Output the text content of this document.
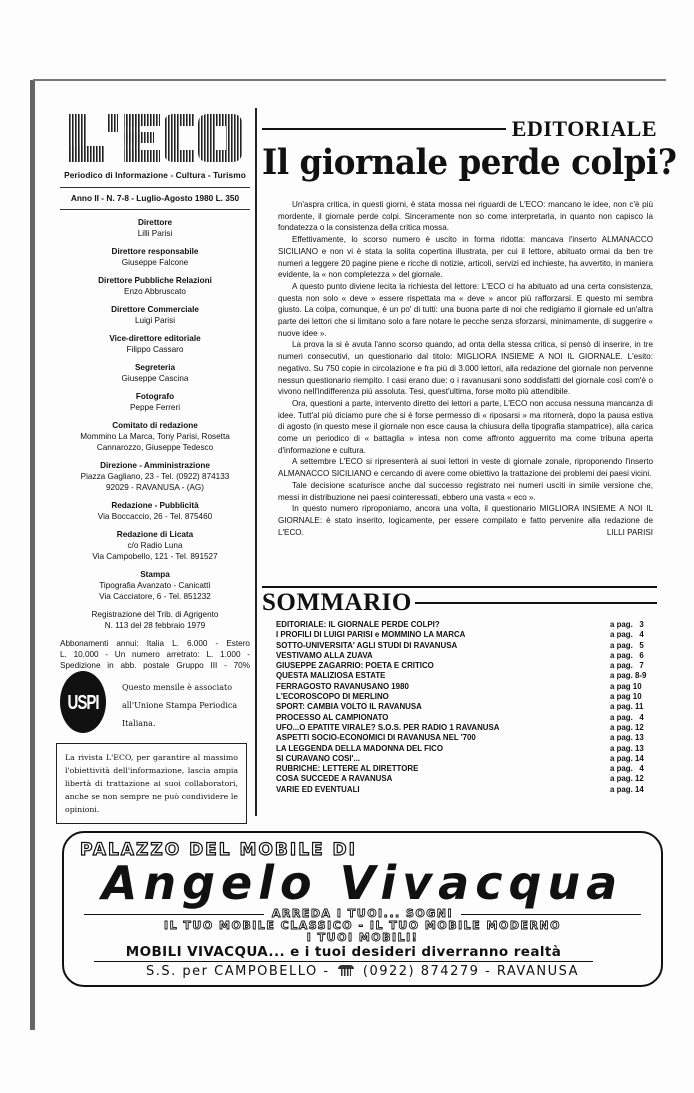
Periodico di Informazione - Cultura - Turismo
Anno II - N. 7-8 - Luglio-Agosto 1980 L. 350
Direttore
Lilli Parisi
Direttore responsabile
Giuseppe Falcone
Direttore Pubbliche Relazioni
Enzo Abbruscato
Direttore Commerciale
Luigi Parisi
Vice-direttore editoriale
Filippo Cassaro
Segreteria
Giuseppe Cascina
Fotografo
Peppe Ferreri
Comitato di redazione
Mommino La Marca, Tony Parisi, Rosetta
Cannarozzo, Giuseppe Tedesco
Direzione - Amministrazione
Piazza Gagliano, 23 - Tel. (0922) 874133
92029 - RAVANUSA - (AG)
Redazione - Pubblicità
Via Boccaccio, 26 - Tel. 875460
Redazione di Licata
c/o Radio Luna
Via Campobello, 121 - Tel. 891527
Stampa
Tipografia Avanzato - Canicattì
Via Cacciatore, 6 - Tel. 851232
Registrazione del Trib. di Agrigento
N. 113 del 28 febbraio 1979
Abbonamenti annui: Italia L. 6.000 - Estero
L. 10.000 - Un numero arretrato: L. 1.000 -
Spedizione in abb. postale Gruppo III - 70%
USPI
Questo mensile è associato all'Unione Stampa Periodica Italiana.
La rivista L'ECO, per garantire al massimo l'obiettività dell'informazione, lascia ampia libertà di trattazione ai suoi collaboratori, anche se non sempre ne può condividere le opinioni.
EDITORIALE
Il giornale perde colpi?

Un'aspra critica, in questi giorni, è stata mossa nei riguardi de L'ECO: mancano le idee, non c'è più mordente, il giornale perde colpi. Sinceramente non so come interpretarla, in quanto non capisco la fondatezza o la consistenza della critica mossa.

Effettivamente, lo scorso numero è uscito in forma ridotta: mancava l'inserto ALMANACCO SICILIANO e non vi è stata la solita copertina illustrata, per cui il lettore, abituato ormai da ben tre numeri a leggere 20 pagine piene e ricche di notizie, articoli, servizi ed inchieste, ha avvertito, in maniera evidente, la « non completezza » del giornale.

A questo punto diviene lecita la richiesta del lettore: L'ECO ci ha abituato ad una certa consistenza, questa non solo « deve » essere rispettata ma « deve » ancor più rafforzarsi. E questo mi sembra giusto. La colpa, comunque, è un po' di tutti: una buona parte di noi che redigiamo il giornale ed un'altra parte dei lettori che si limitano solo a fare notare le pecche senza sforzarsi, minimamente, di suggerire « nuove idee ».

La prova la si è avuta l'anno scorso quando, ad onta della stessa critica, si pensò di inserire, in tre numeri consecutivi, un questionario dal titolo: MIGLIORA INSIEME A NOI IL GIORNALE. L'esito: negativo. Su 750 copie in circolazione e fra più di 3.000 lettori, alla redazione del giornale non pervenne nessun questionario riempito. I casi erano due: o i ravanusani sono soddisfatti del giornale così com'è o vivono nell'indifferenza più assoluta. Tesi, quest'ultima, forse molto più attendibile.

Ora, questioni a parte, intervento diretto dei lettori a parte, L'ECO non accusa nessuna mancanza di idee. Tutt'al più diciamo pure che si è forse permesso di « riposarsi » ma ritornerà, dopo la pausa estiva di agosto (in questo mese il giornale non esce causa la chiusura della tipografia stampatrice), alla carica come un periodico di « battaglia » intesa non come affronto agguerrito ma come tribuna aperta d'informazione e cultura.

A settembre L'ECO si ripresenterà ai suoi lettori in veste di giornale zonale, riproponendo l'inserto ALMANACCO SICILIANO e cercando di avere come obiettivo la trattazione dei problemi dei paesi vicini.

Tale decisione scaturisce anche dal successo registrato nei numeri usciti in simile versione che, messi in distribuzione nei paesi cointeressati, ebbero una vasta « eco ».

In questo numero riproponiamo, ancora una volta, il questionario MIGLIORA INSIEME A NOI IL GIORNALE: è stato inserito, logicamente, per essere compilato e fatto pervenire alla redazione de L'ECO.	LILLI PARISI
SOMMARIO
EDITORIALE: IL GIORNALE PERDE COLPI?	a pag.   3
I PROFILI DI LUIGI PARISI e MOMMINO LA MARCA	a pag.   4
SOTTO-UNIVERSITA' AGLI STUDI DI RAVANUSA	a pag.   5
VESTIVAMO ALLA ZUAVA	a pag.   6
GIUSEPPE ZAGARRIO: POETA E CRITICO	a pag.   7
QUESTA MALIZIOSA ESTATE	a pag. 8-9
FERRAGOSTO RAVANUSANO 1980	a pag 10
L'ECOROSCOPO DI MERLINO	a pag 10
SPORT: CAMBIA VOLTO IL RAVANUSA	a pag. 11
PROCESSO AL CAMPIONATO	a pag.   4
UFO...O EPATITE VIRALE? S.O.S. PER RADIO 1 RAVANUSA	a pag. 12
ASPETTI SOCIO-ECONOMICI DI RAVANUSA NEL '700	a pag. 13
LA LEGGENDA DELLA MADONNA DEL FICO	a pag. 13
SI CURAVANO COSI'...	a pag. 14
RUBRICHE: LETTERE AL DIRETTORE	a pag.   4
COSA SUCCEDE A RAVANUSA	a pag. 12
VARIE ED EVENTUALI	a pag. 14
PALAZZO DEL MOBILE DI
Angelo Vivacqua
ARREDA I TUOI... SOGNI
IL TUO MOBILE CLASSICO - IL TUO MOBILE MODERNO
I TUOI MOBILI!
MOBILI VIVACQUA... e i tuoi desideri diverranno realtà
S.S. per CAMPOBELLO -	(0922) 874279 - RAVANUSA
